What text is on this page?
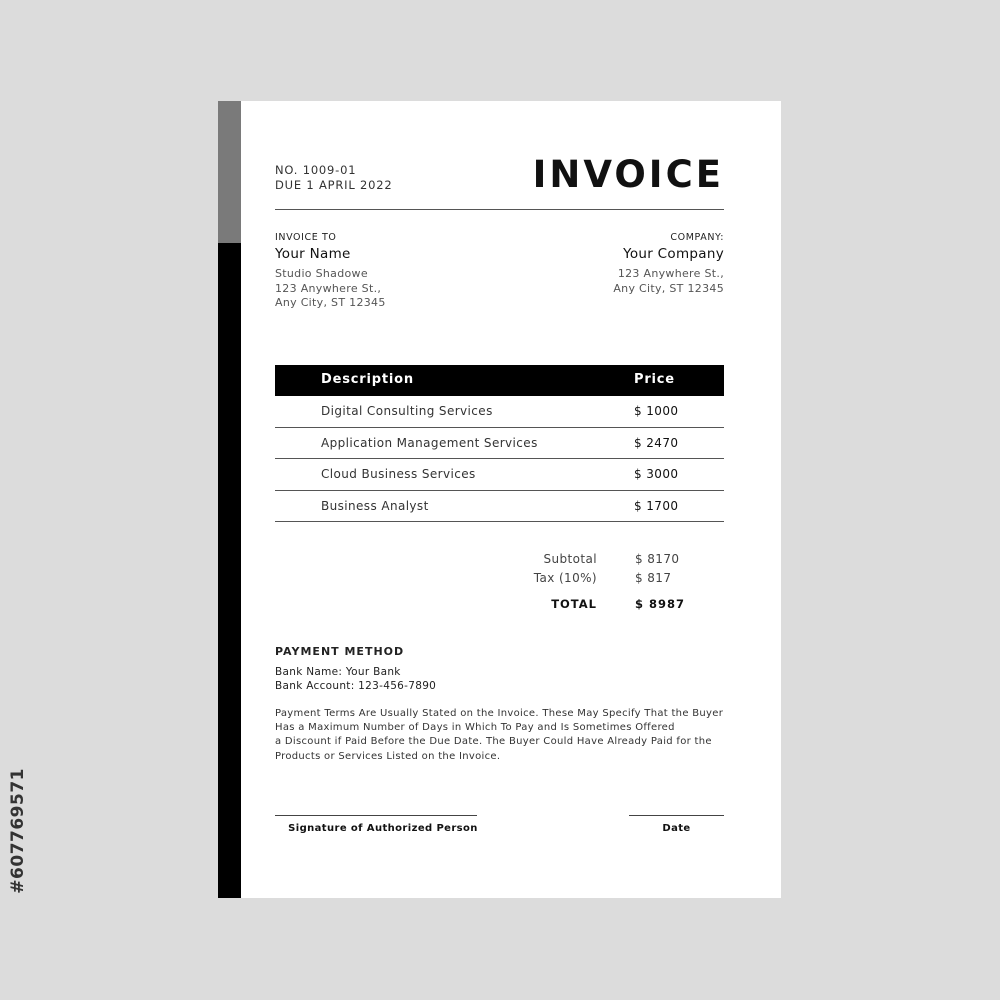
NO. 1009-01
DUE 1 APRIL 2022	INVOICE
INVOICE TO
Your Name
Studio Shadowe
123 Anywhere St.,
Any City, ST 12345
COMPANY:
Your Company
123 Anywhere St.,
Any City, ST 12345
Description	Price
Digital Consulting Services	$ 1000
Application Management Services	$ 2470
Cloud Business Services	$ 3000
Business Analyst	$ 1700
Subtotal	$ 8170
Tax (10%)	$ 817
TOTAL	$ 8987
PAYMENT METHOD
Bank Name: Your Bank
Bank Account: 123-456-7890
Payment Terms Are Usually Stated on the Invoice. These May Specify That the Buyer
Has a Maximum Number of Days in Which To Pay and Is Sometimes Offered
a Discount if Paid Before the Due Date. The Buyer Could Have Already Paid for the
Products or Services Listed on the Invoice.
Signature of Authorized Person	Date
#607769571
